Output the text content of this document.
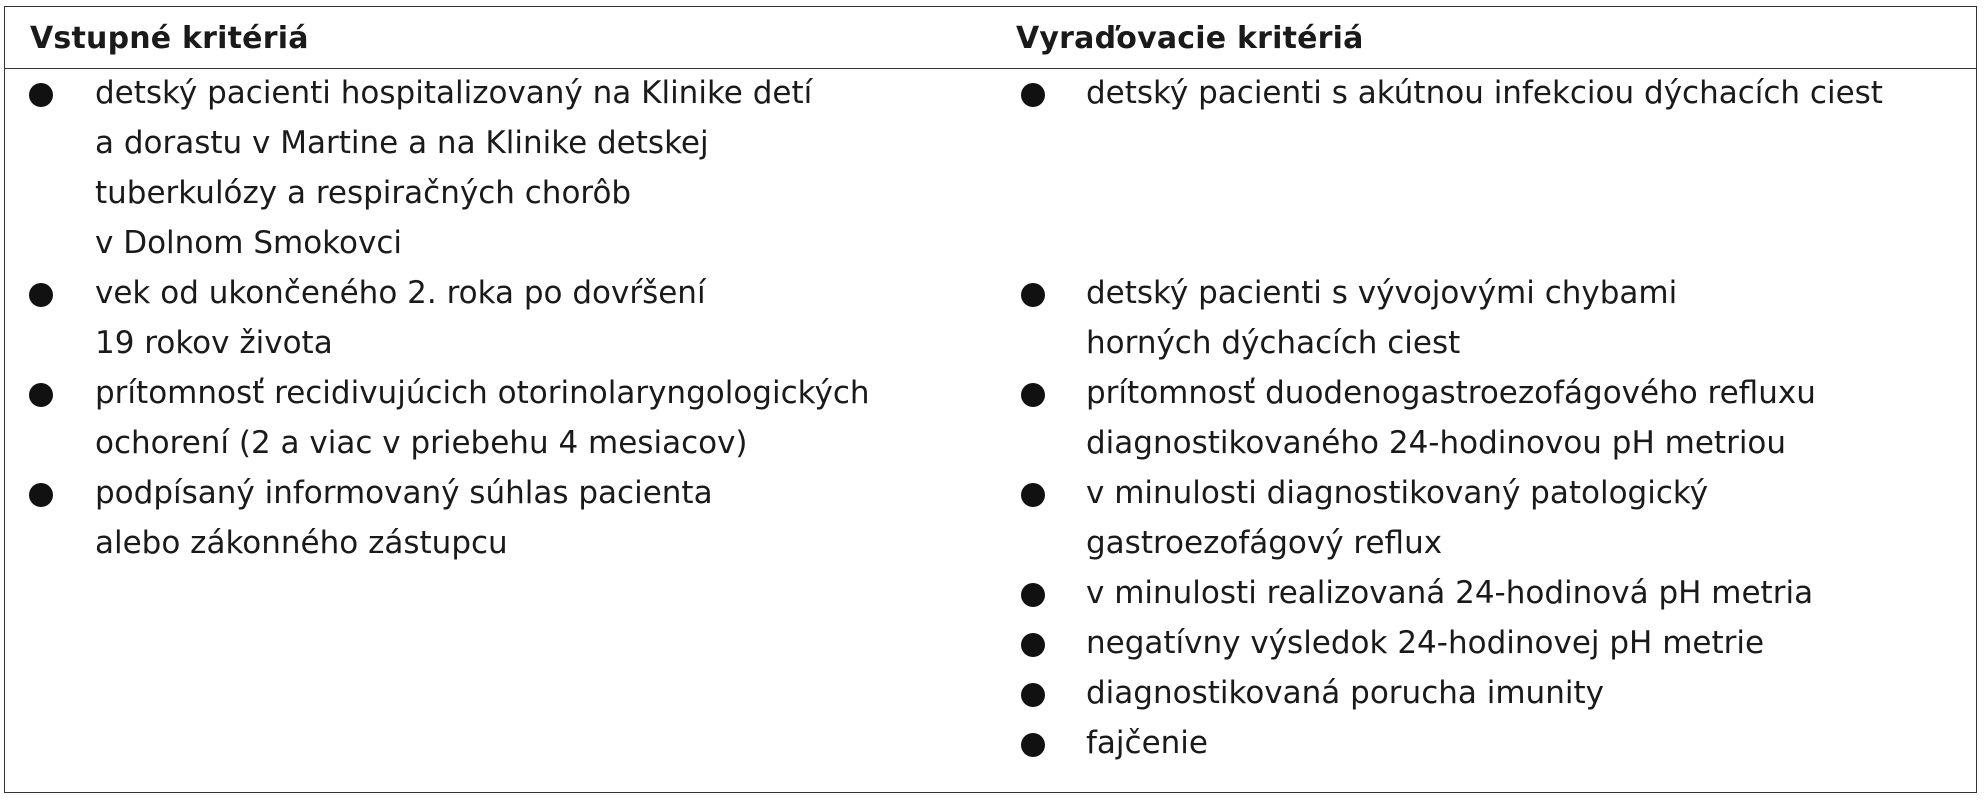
Vstupné kritériá	Vyraďovacie kritériá
detský pacienti hospitalizovaný na Klinike detí
a dorastu v Martine a na Klinike detskej
tuberkulózy a respiračných chorôb
v Dolnom Smokovci
vek od ukončeného 2. roka po dovŕšení
19 rokov života
prítomnosť recidivujúcich otorinolaryngologických
ochorení (2 a viac v priebehu 4 mesiacov)
podpísaný informovaný súhlas pacienta
alebo zákonného zástupcu
detský pacienti s akútnou infekciou dýchacích ciest
detský pacienti s vývojovými chybami
horných dýchacích ciest
prítomnosť duodenogastroezofágového refluxu
diagnostikovaného 24-hodinovou pH metriou
v minulosti diagnostikovaný patologický
gastroezofágový reflux
v minulosti realizovaná 24-hodinová pH metria
negatívny výsledok 24-hodinovej pH metrie
diagnostikovaná porucha imunity
fajčenie
